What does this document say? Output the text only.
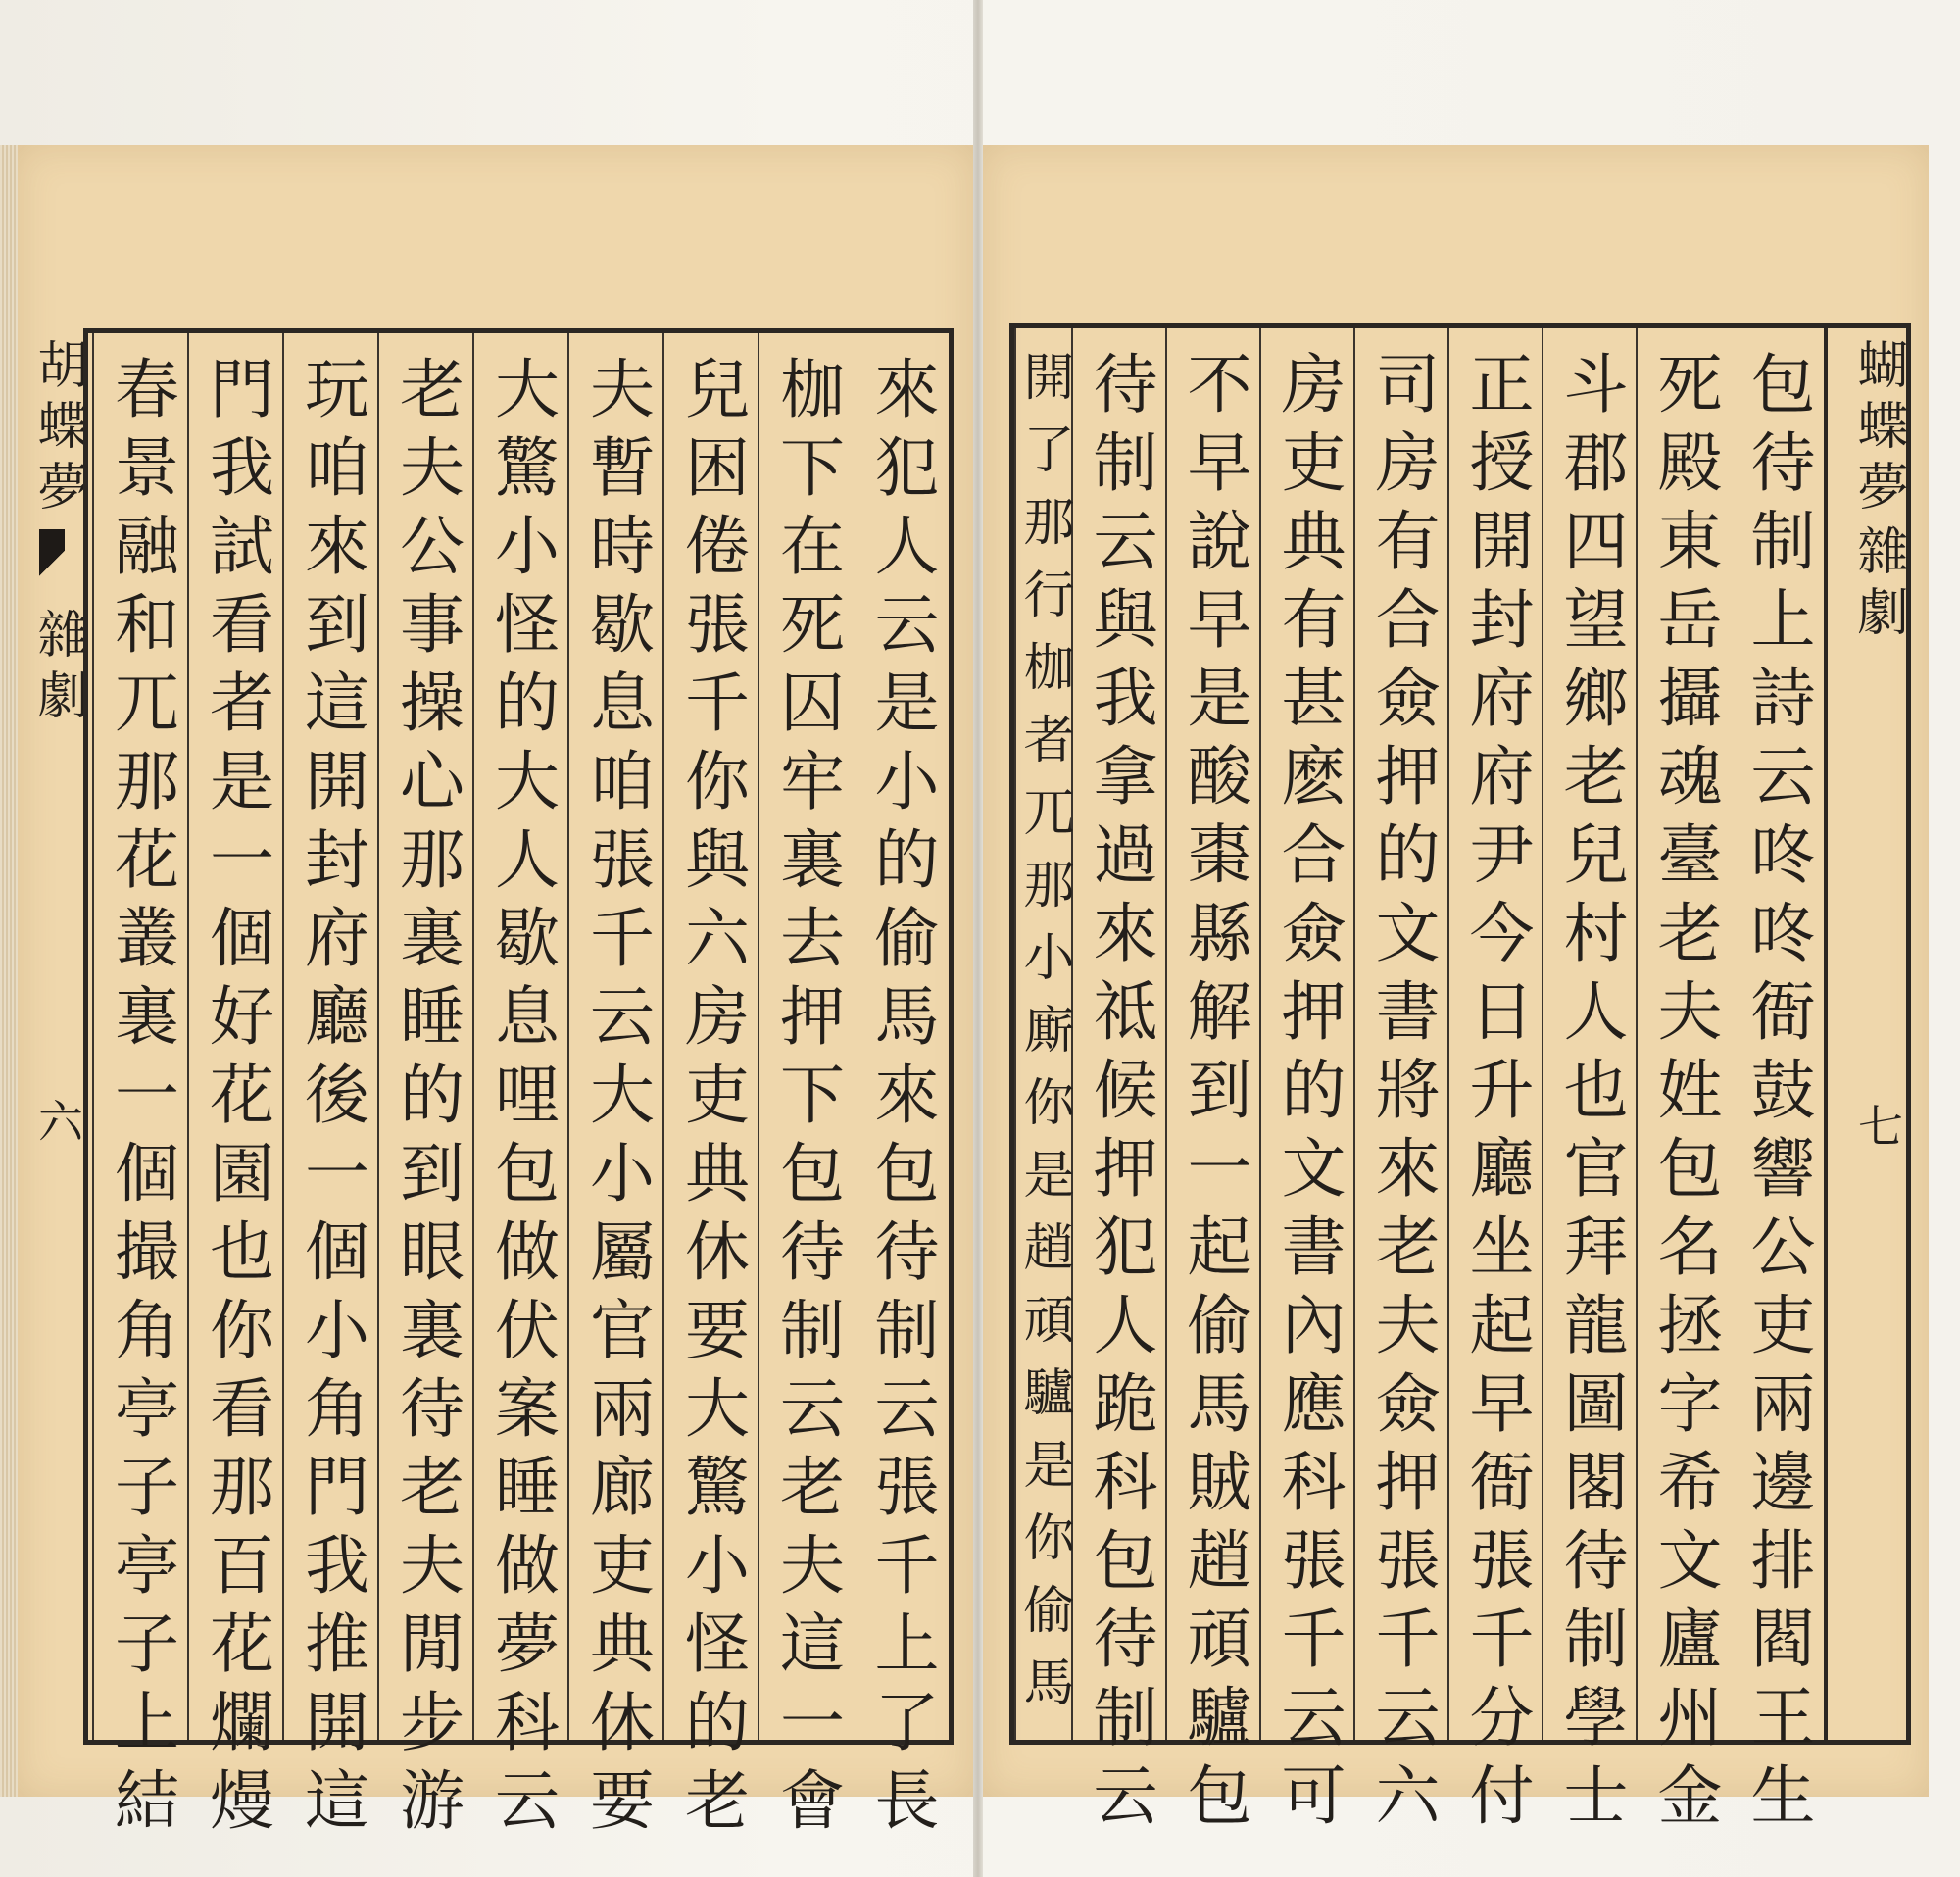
胡蝶夢
雜劇
六	來犯人云是小的偷馬來包待制云張千上了長
枷下在死囚牢裏去押下包待制云老夫這一會
兒困倦張千你與六房吏典休要大驚小怪的老
夫暫時歇息咱張千云大小屬官兩廊吏典休要
大驚小怪的大人歇息哩包做伏案睡做夢科云
老夫公事操心那裏睡的到眼裏待老夫閒步游
玩咱來到這開封府廳後一個小角門我推開這
門我試看者是一個好花園也你看那百花爛熳
春景融和兀那花叢裏一個撮角亭子亭子上結	包待制上詩云咚咚衙鼓響公吏兩邊排閻王生
死殿東岳攝魂臺老夫姓包名拯字希文廬州金
斗郡四望鄉老兒村人也官拜龍圖閣待制學士
正授開封府府尹今日升廳坐起早衙張千分付
司房有合僉押的文書將來老夫僉押張千云六
房吏典有甚麽合僉押的文書內應科張千云可
不早說早是酸棗縣解到一起偷馬賊趙頑驢包
待制云與我拿過來祗候押犯人跪科包待制云
開了那行枷者兀那小廝你是趙頑驢是你偷馬	蝴蝶夢
雜劇
七
